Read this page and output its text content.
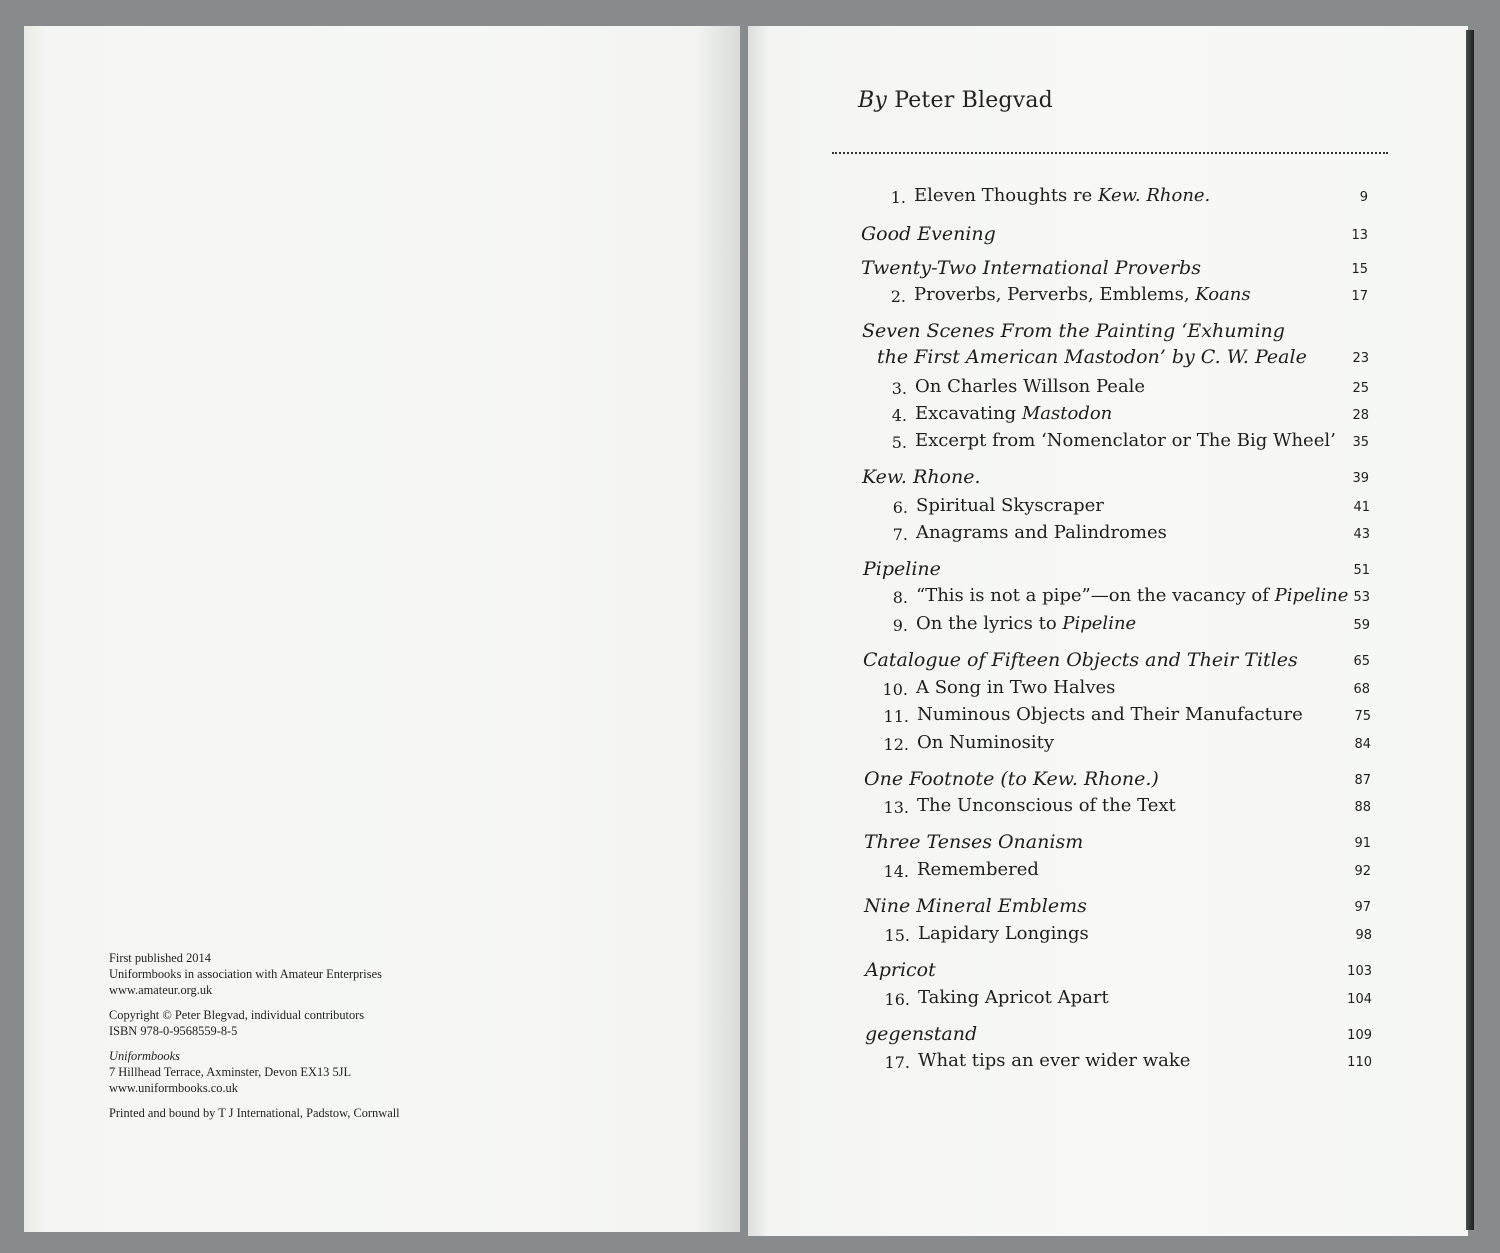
First published 2014
Uniformbooks in association with Amateur Enterprises
www.amateur.org.uk

Copyright © Peter Blegvad, individual contributors
ISBN 978-0-9568559-8-5

Uniformbooks
7 Hillhead Terrace, Axminster, Devon EX13 5JL
www.uniformbooks.co.uk

Printed and bound by T J International, Padstow, Cornwall

By Peter Blegvad
1. Eleven Thoughts re Kew. Rhone.	9
Good Evening	13
Twenty-Two International Proverbs	15
2. Proverbs, Perverbs, Emblems, Koans	17
Seven Scenes From the Painting ‘Exhuming
the First American Mastodon’ by C. W. Peale	23
3. On Charles Willson Peale	25
4. Excavating Mastodon	28
5. Excerpt from ‘Nomenclator or The Big Wheel’ 35
Kew. Rhone.	39
6. Spiritual Skyscraper	41
7. Anagrams and Palindromes	43
Pipeline	51
8. “This is not a pipe”—on the vacancy of Pipeline 53
9. On the lyrics to Pipeline	59
Catalogue of Fifteen Objects and Their Titles	65
10. A Song in Two Halves	68
11. Numinous Objects and Their Manufacture	75
12. On Numinosity	84
One Footnote (to Kew. Rhone.)	87
13. The Unconscious of the Text	88
Three Tenses Onanism	91
14. Remembered	92
Nine Mineral Emblems	97
15. Lapidary Longings	98
Apricot	103
16. Taking Apricot Apart	104
gegenstand	109
17. What tips an ever wider wake	110
